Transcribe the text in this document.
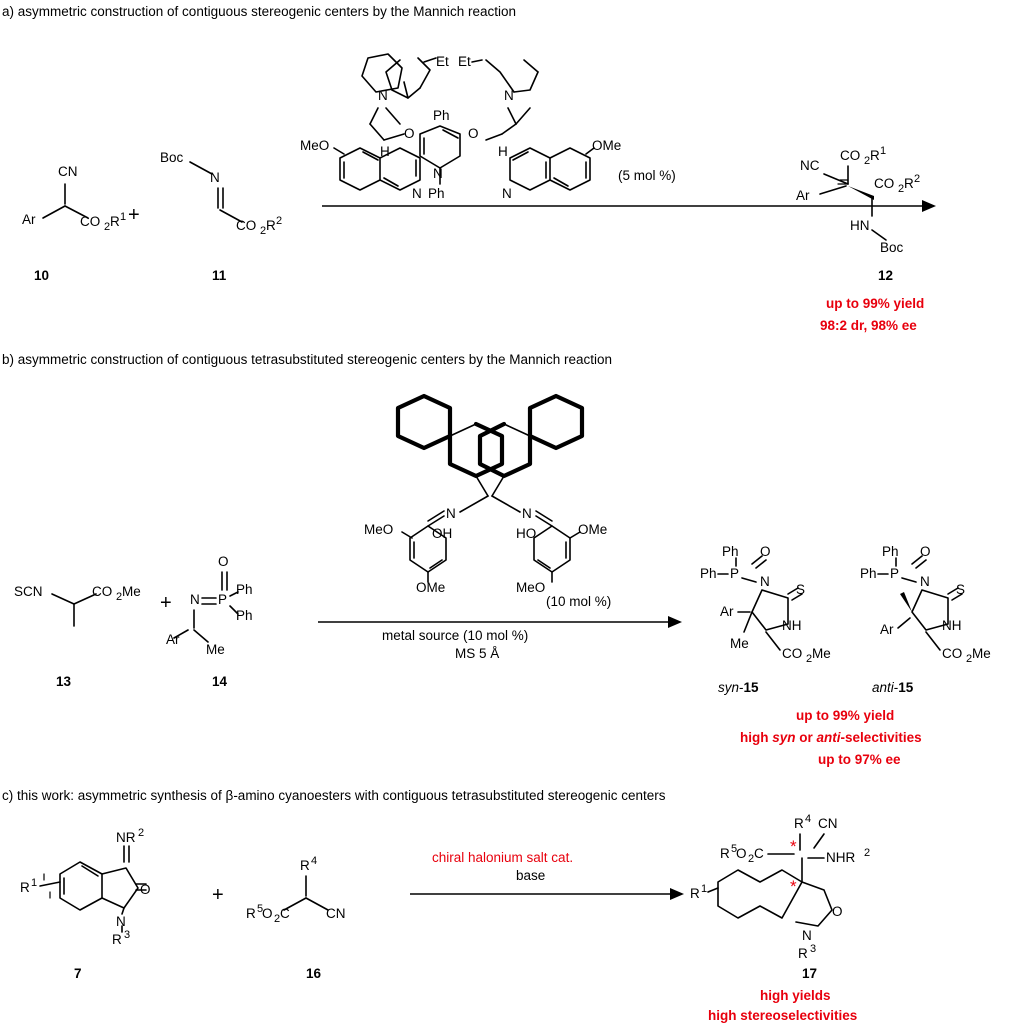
a) asymmetric construction of contiguous stereogenic centers by the Mannich reaction
CN
Ar	CO 2 R 1
10
+
Boc
N
CO 2 R 2
11
N
Et
H
O
N
Ph
Ph
O
H
N
Et
N
MeO
N
OMe
(5 mol %)
NC
CO 2 R 1
Ar
CO 2 R 2
HN
Boc
12
up to 99% yield
98:2 dr, 98% ee
b) asymmetric construction of contiguous tetrasubstituted stereogenic centers by the Mannich reaction
SCN	CO 2 Me
13
+
O
P
N
Ph
Ph
Ar
Me
14
N	N
MeO	OH
OMe
HO	OMe
MeO
(10 mol %)
metal source (10 mol %)
MS 5 Å
Ph O
Ph P
N
S
NH
Ar
Me
CO 2 Me
syn-15
Ph O
Ph P
N
S
NH
Ar
CO 2 Me
anti-15
up to 99% yield
high syn or anti-selectivities
up to 97% ee
c) this work: asymmetric synthesis of β-amino cyanoesters with contiguous tetrasubstituted stereogenic centers
N
O
R 3
NR 2
R 1
7
+
R 4
R 5
O 2 C	CN
16
chiral halonium salt cat.
base
R 4 CN
R 5
O 2 C	NHR 2
O
N
R 3
R 1
*
*
17
high yields
high stereoselectivities
